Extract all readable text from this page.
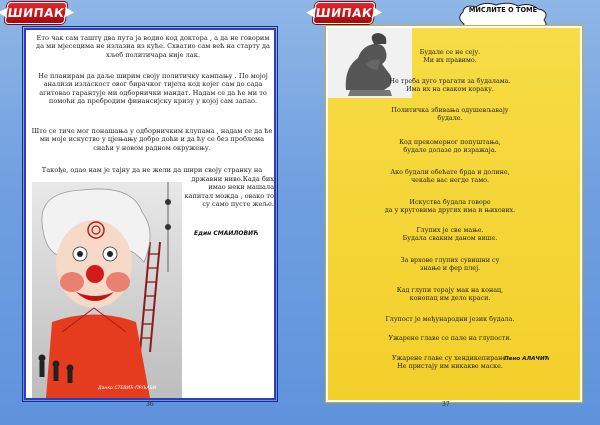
ШИПАК

Ето чак сам таштү два пута ја водио код доктора , а да не говорим да ми мјесецима не излазиа из куће. Схватио сам већ на старту да хљеб политичара није лак.

Не планирам да даље ширим своју политичку кампању . По мојој анализи изласкост овог бирачког тијела код којег сам до сада агитовао гарантује ми одборнички мандат. Надам се да ће ми то помоћи да пребродим финансијску кризу у којој сам запао.

Што се тиче мог понашања у одборничким клупама , надам се да ће ми моје искуство у цјењању добро доћи и да ћу се без проблема снаћи у новом радном окружењу.

Такође, одао нам је тајну да не жели да шири своју странку на

државни ниво.Када бих имао неки машала капитал можда , овако то су само пусте жеље.

Един СМАИЛОВИЋ
Данко СТЕВИЋ-ПРЉАВИ
36
ШИПАК	МИСЛИТЕ О ТОМЕ

Будале се не сеју.
Ми их правимо.

Не треба дуго трагати за будалама.
Има их на сваком кораку.

Политичка збивања одушевљавају
будале.

Код прекомерног попуштања,
будале долазе до изражаја.

Ако будали обећате брда и долине,
чекаће вас негде тамо.

Искуства будала говоре
да у круговима других има и њихових.

Глупих је све мање.
Будала сваким даном више.

За врхове глупих сувишни су
знање и фер плеј.

Кад глупи терају мак на конац,
конопац им дело краси.

Глупост је међународни језик будала.

Ужарене главе се пале на глупости.

Ужарене главе су хендикепиране.
Не пристају им никакве маске.

Пено АЛАЧИЋ
37
